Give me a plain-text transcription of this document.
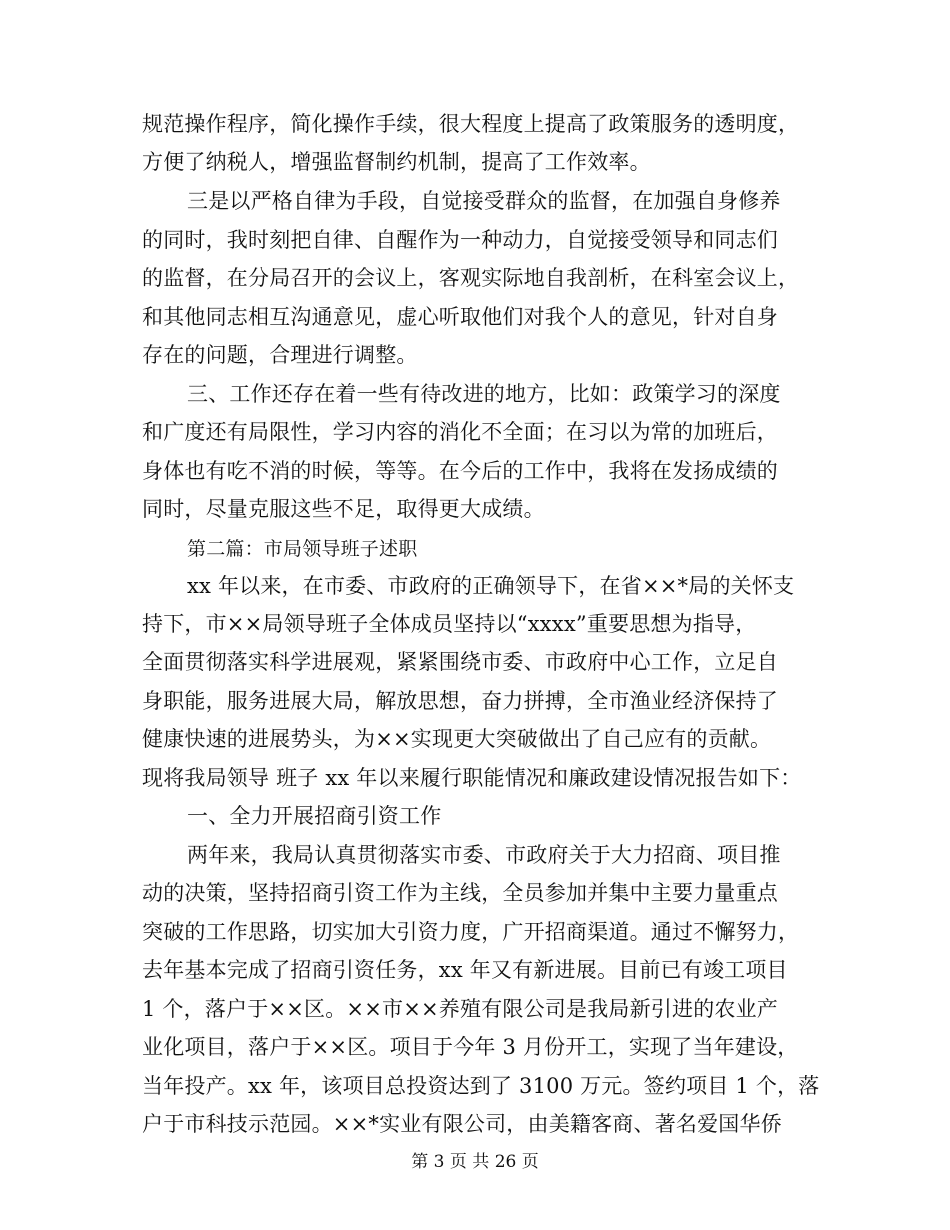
规范操作程序，简化操作手续，很大程度上提高了政策服务的透明度，
方便了纳税人，增强监督制约机制，提高了工作效率。
三是以严格自律为手段，自觉接受群众的监督，在加强自身修养
的同时，我时刻把自律、自醒作为一种动力，自觉接受领导和同志们
的监督，在分局召开的会议上，客观实际地自我剖析，在科室会议上，
和其他同志相互沟通意见，虚心听取他们对我个人的意见，针对自身
存在的问题，合理进行调整。
三、工作还存在着一些有待改进的地方，比如：政策学习的深度
和广度还有局限性，学习内容的消化不全面；在习以为常的加班后，
身体也有吃不消的时候，等等。在今后的工作中，我将在发扬成绩的
同时，尽量克服这些不足，取得更大成绩。
第二篇：市局领导班子述职
xx 年以来，在市委、市政府的正确领导下，在省××*局的关怀支
持下，市××局领导班子全体成员坚持以“xxxx”重要思想为指导，
全面贯彻落实科学进展观，紧紧围绕市委、市政府中心工作，立足自
身职能，服务进展大局，解放思想，奋力拼搏，全市渔业经济保持了
健康快速的进展势头，为××实现更大突破做出了自己应有的贡献。
现将我局领导 班子 xx 年以来履行职能情况和廉政建设情况报告如下：
一、全力开展招商引资工作
两年来，我局认真贯彻落实市委、市政府关于大力招商、项目推
动的决策，坚持招商引资工作为主线，全员参加并集中主要力量重点
突破的工作思路，切实加大引资力度，广开招商渠道。通过不懈努力，
去年基本完成了招商引资任务，xx 年又有新进展。目前已有竣工项目
1 个，落户于××区。××市××养殖有限公司是我局新引进的农业产
业化项目，落户于××区。项目于今年 3 月份开工，实现了当年建设，
当年投产。xx 年，该项目总投资达到了 3100 万元。签约项目 1 个，落
户于市科技示范园。××*实业有限公司，由美籍客商、著名爱国华侨
第 3 页 共 26 页
